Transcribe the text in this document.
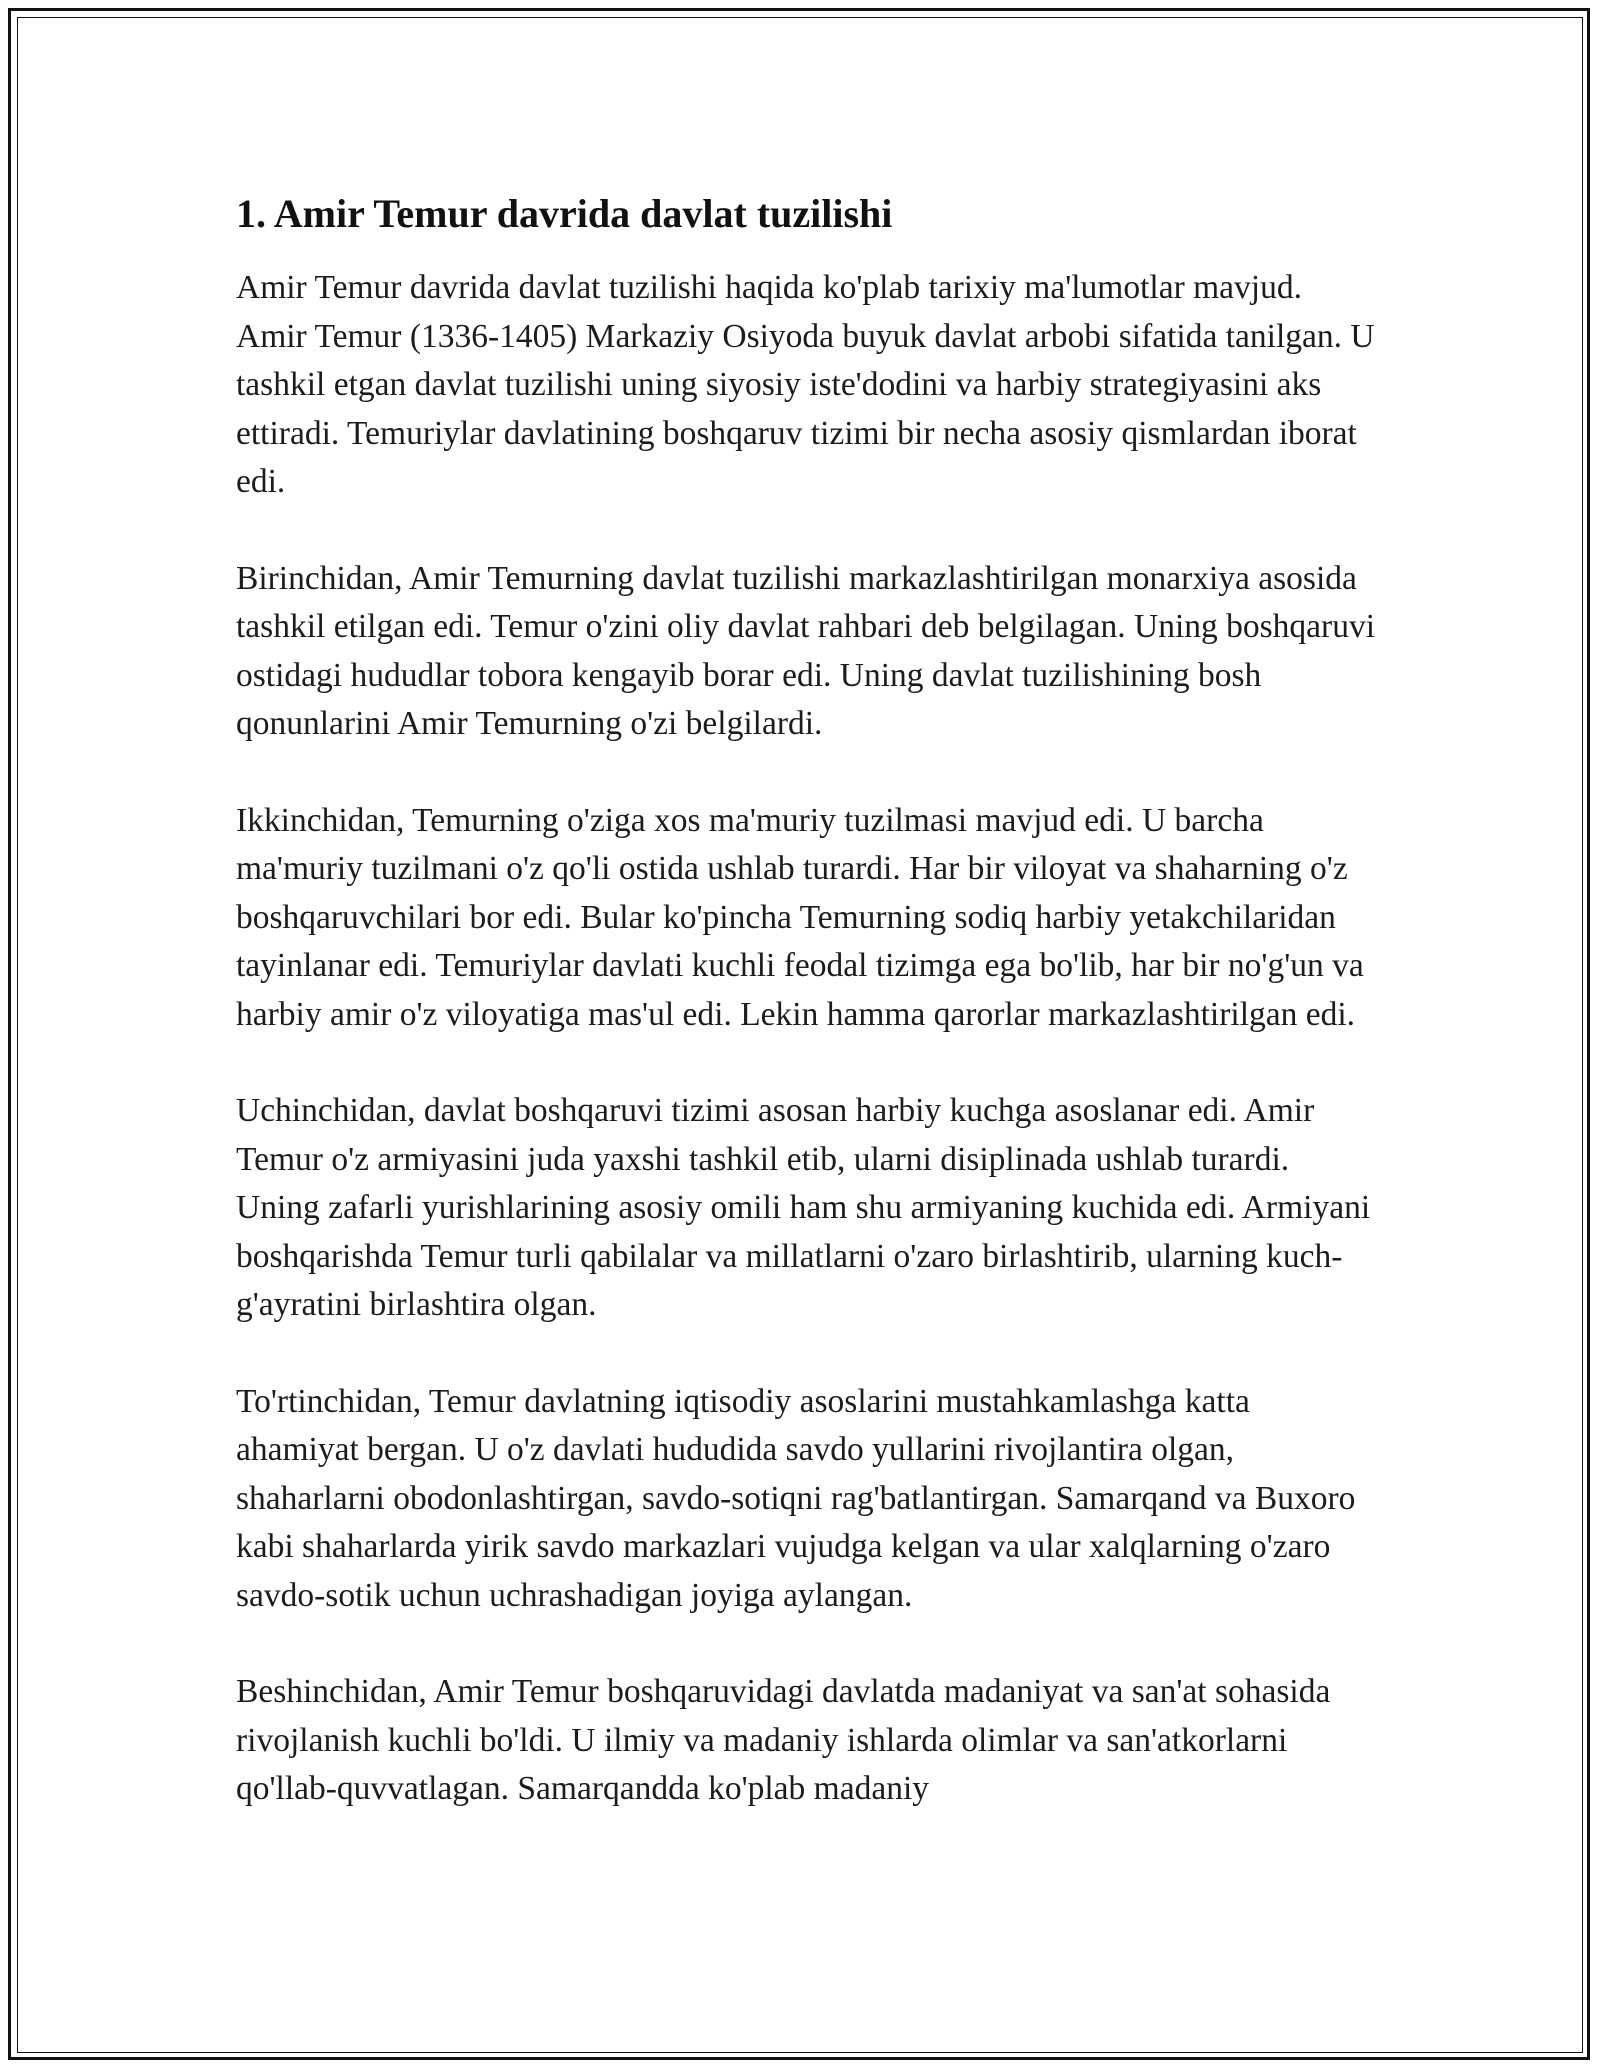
1. Amir Temur davrida davlat tuzilishi

Amir Temur davrida davlat tuzilishi haqida ko'plab tarixiy ma'lumotlar mavjud. Amir Temur (1336-1405) Markaziy Osiyoda buyuk davlat arbobi sifatida tanilgan. U tashkil etgan davlat tuzilishi uning siyosiy iste'dodini va harbiy strategiyasini aks ettiradi. Temuriylar davlatining boshqaruv tizimi bir necha asosiy qismlardan iborat edi.

Birinchidan, Amir Temurning davlat tuzilishi markazlashtirilgan monarxiya asosida tashkil etilgan edi. Temur o'zini oliy davlat rahbari deb belgilagan. Uning boshqaruvi ostidagi hududlar tobora kengayib borar edi. Uning davlat tuzilishining bosh qonunlarini Amir Temurning o'zi belgilardi.

Ikkinchidan, Temurning o'ziga xos ma'muriy tuzilmasi mavjud edi. U barcha ma'muriy tuzilmani o'z qo'li ostida ushlab turardi. Har bir viloyat va shaharning o'z boshqaruvchilari bor edi. Bular ko'pincha Temurning sodiq harbiy yetakchilaridan tayinlanar edi. Temuriylar davlati kuchli feodal tizimga ega bo'lib, har bir no'g'un va harbiy amir o'z viloyatiga mas'ul edi. Lekin hamma qarorlar markazlashtirilgan edi.

Uchinchidan, davlat boshqaruvi tizimi asosan harbiy kuchga asoslanar edi. Amir Temur o'z armiyasini juda yaxshi tashkil etib, ularni disiplinada ushlab turardi. Uning zafarli yurishlarining asosiy omili ham shu armiyaning kuchida edi. Armiyani boshqarishda Temur turli qabilalar va millatlarni o'zaro birlashtirib, ularning kuch-g'ayratini birlashtira olgan.

To'rtinchidan, Temur davlatning iqtisodiy asoslarini mustahkamlashga katta ahamiyat bergan. U o'z davlati hududida savdo yullarini rivojlantira olgan, shaharlarni obodonlashtirgan, savdo-sotiqni rag'batlantirgan. Samarqand va Buxoro kabi shaharlarda yirik savdo markazlari vujudga kelgan va ular xalqlarning o'zaro savdo-sotik uchun uchrashadigan joyiga aylangan.

Beshinchidan, Amir Temur boshqaruvidagi davlatda madaniyat va san'at sohasida rivojlanish kuchli bo'ldi. U ilmiy va madaniy ishlarda olimlar va san'atkorlarni qo'llab-quvvatlagan. Samarqandda ko'plab madaniy
